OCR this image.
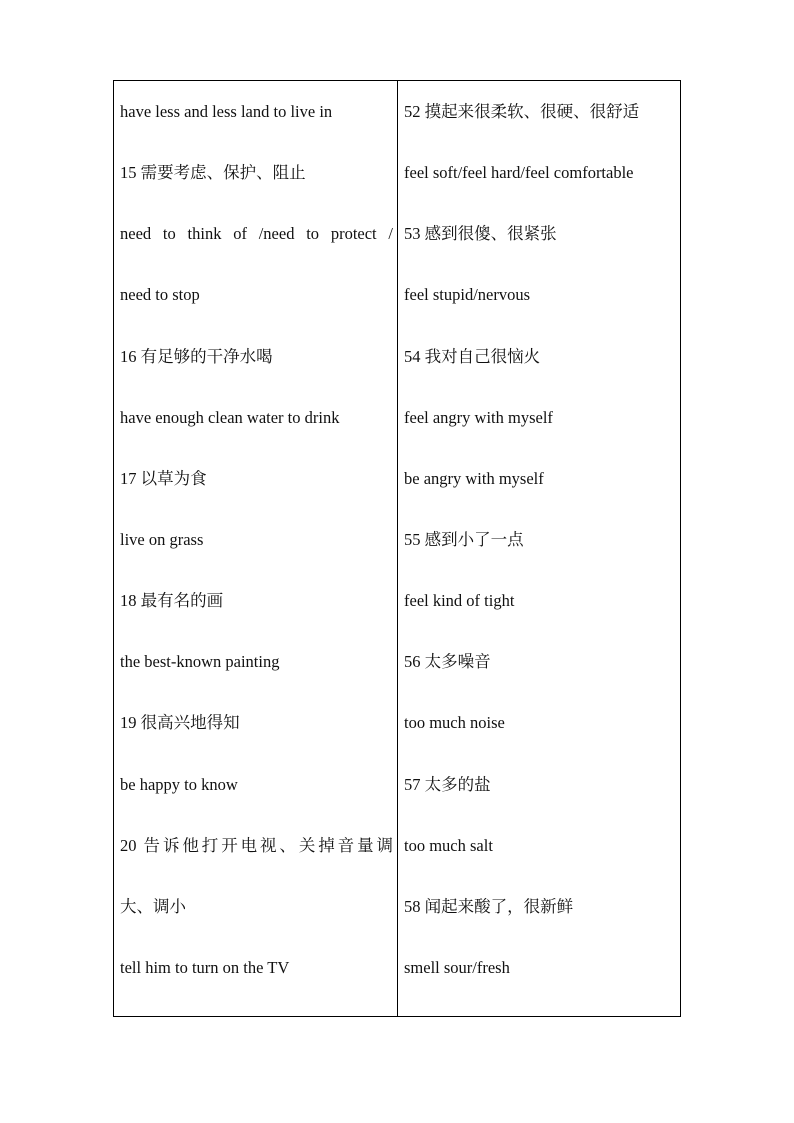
have less and less land to live in
15 需要考虑、保护、阻止
need to think of /need to protect /
need to stop
16 有足够的干净水喝
have enough clean water to drink
17 以草为食
live on grass
18 最有名的画
the best-known painting
19 很高兴地得知
be happy to know
20 告诉他打开电视、关掉音量调
大、调小
tell him to turn on the TV
52 摸起来很柔软、很硬、很舒适
feel soft/feel hard/feel comfortable
53 感到很傻、很紧张
feel stupid/nervous
54 我对自己很恼火
feel angry with myself
be angry with myself
55 感到小了一点
feel kind of tight
56 太多噪音
too much noise
57 太多的盐
too much salt
58 闻起来酸了，很新鲜
smell sour/fresh
